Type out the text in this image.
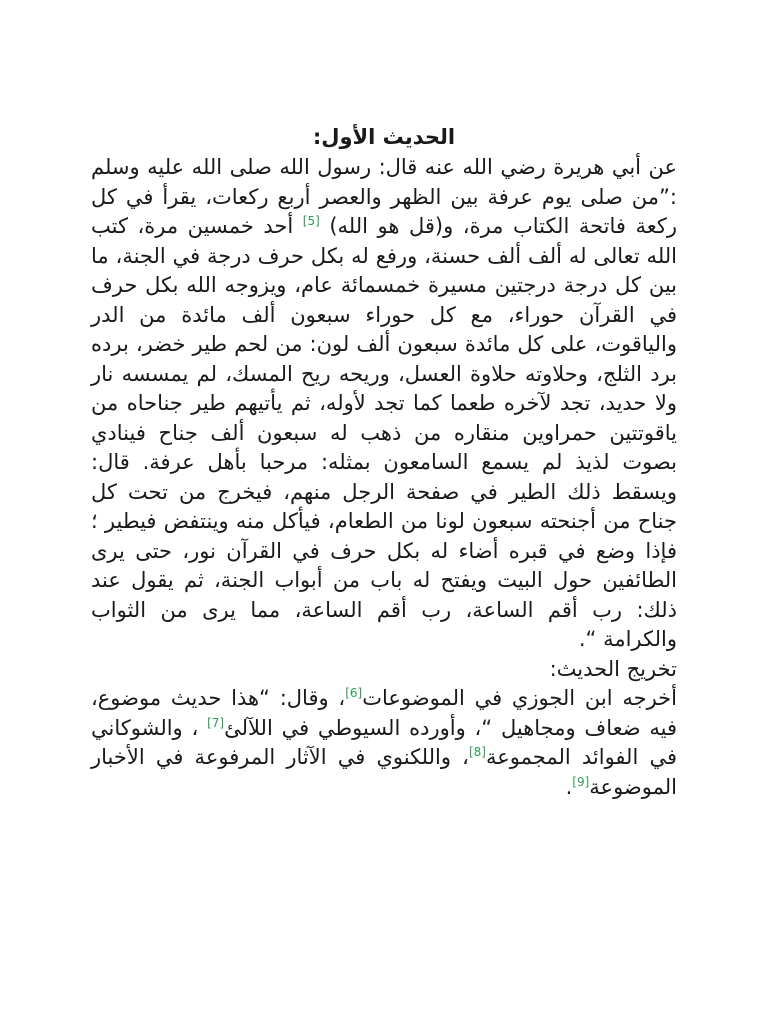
الحديث الأول:

عن أبي هريرة رضي الله عنه قال: رسول الله صلى الله عليه وسلم :”من صلى يوم عرفة بين الظهر والعصر أربع ركعات، يقرأ في كل ركعة فاتحة الكتاب مرة، و(قل هو الله) [5] أحد خمسين مرة، كتب الله تعالى له ألف ألف حسنة، ورفع له بكل حرف درجة في الجنة، ما بين كل درجة درجتين مسيرة خمسمائة عام، ويزوجه الله بكل حرف في القرآن حوراء، مع كل حوراء سبعون ألف مائدة من الدر والياقوت، على كل مائدة سبعون ألف لون: من لحم طير خضر، برده برد الثلج، وحلاوته حلاوة العسل، وريحه ريح المسك، لم يمسسه نار ولا حديد، تجد لآخره طعما كما تجد لأوله، ثم يأتيهم طير جناحاه من ياقوتتين حمراوين منقاره من ذهب له سبعون ألف جناح فينادي بصوت لذيذ لم يسمع السامعون بمثله: مرحبا بأهل عرفة. قال: ويسقط ذلك الطير في صفحة الرجل منهم، فيخرج من تحت كل جناح من أجنحته سبعون لونا من الطعام، فيأكل منه وينتفض فيطير ؛ فإذا وضع في قبره أضاء له بكل حرف في القرآن نور، حتى يرى الطائفين حول البيت ويفتح له باب من أبواب الجنة، ثم يقول عند ذلك: رب أقم الساعة، رب أقم الساعة، مما يرى من الثواب والكرامة “.

تخريج الحديث:

أخرجه ابن الجوزي في الموضوعات[6]، وقال: “هذا حديث موضوع، فيه ضعاف ومجاهيل “، وأورده السيوطي في اللآلئ[7] ، والشوكاني في الفوائد المجموعة[8]، واللكنوي في الآثار المرفوعة في الأخبار الموضوعة[9].
